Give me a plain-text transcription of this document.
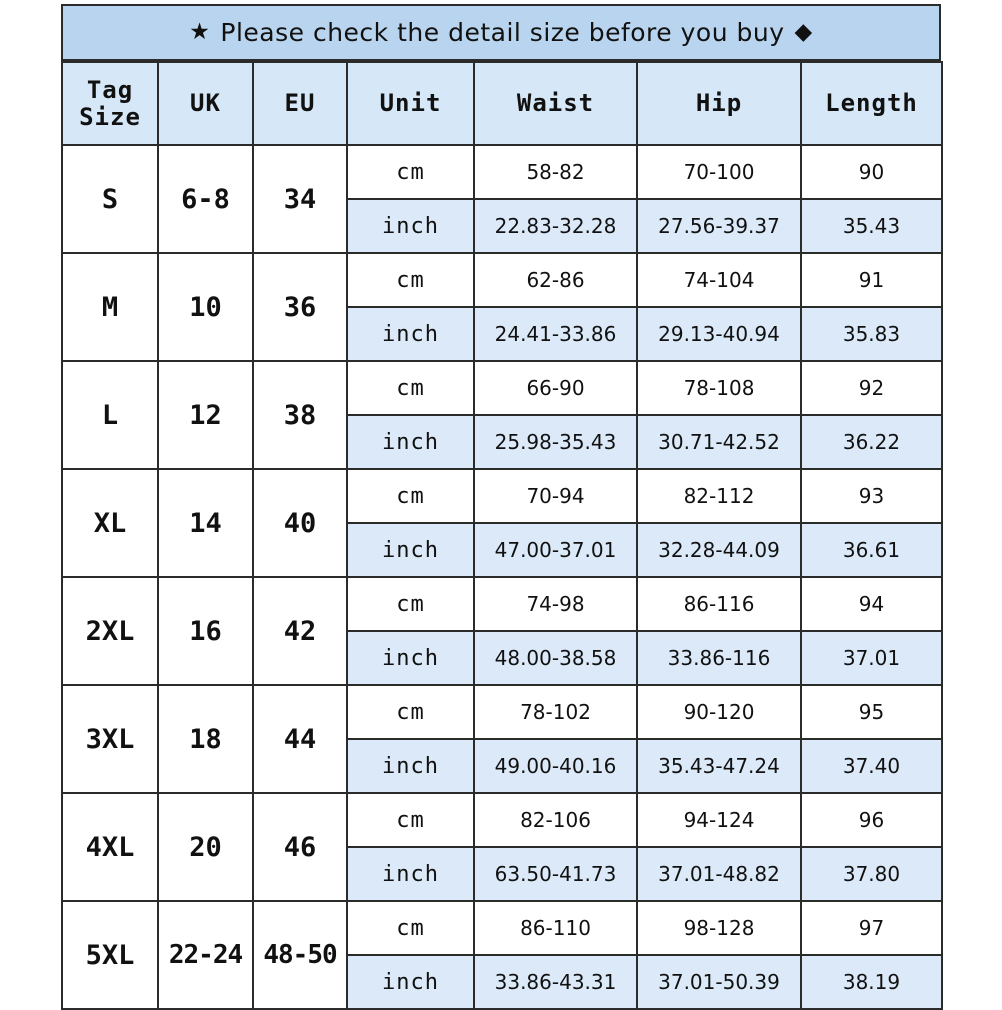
★ Please check the detail size before you buy ◆
Tag
Size	UK	EU	Unit	Waist	Hip	Length
S	6-8	34	cm	58-82	70-100	90
			inch	22.83-32.28	27.56-39.37	35.43
M	10	36	cm	62-86	74-104	91
			inch	24.41-33.86	29.13-40.94	35.83
L	12	38	cm	66-90	78-108	92
			inch	25.98-35.43	30.71-42.52	36.22
XL	14	40	cm	70-94	82-112	93
			inch	47.00-37.01	32.28-44.09	36.61
2XL	16	42	cm	74-98	86-116	94
			inch	48.00-38.58	33.86-116	37.01
3XL	18	44	cm	78-102	90-120	95
			inch	49.00-40.16	35.43-47.24	37.40
4XL	20	46	cm	82-106	94-124	96
			inch	63.50-41.73	37.01-48.82	37.80
5XL	22-24	48-50	cm	86-110	98-128	97
			inch	33.86-43.31	37.01-50.39	38.19
